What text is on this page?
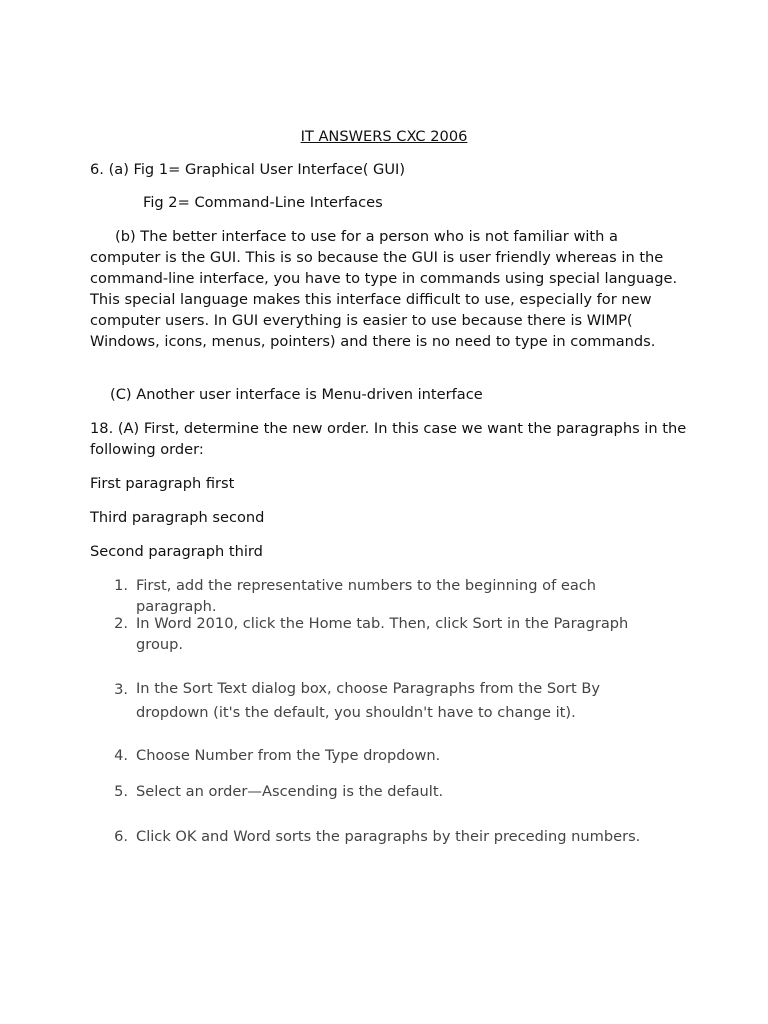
IT ANSWERS CXC 2006

6. (a) Fig 1= Graphical User Interface( GUI)

Fig 2= Command-Line Interfaces

(b) The better interface to use for a person who is not familiar with a computer is the GUI. This is so because the GUI is user friendly whereas in the command-line interface, you have to type in commands using special language. This special language makes this interface difficult to use, especially for new computer users. In GUI everything is easier to use because there is WIMP( Windows, icons, menus, pointers) and there is no need to type in commands.

(C) Another user interface is Menu-driven interface

18. (A) First, determine the new order. In this case we want the paragraphs in the following order:

First paragraph first

Third paragraph second

Second paragraph third

1. First, add the representative numbers to the beginning of each paragraph.
2. In Word 2010, click the Home tab. Then, click Sort in the Paragraph group.
3. In the Sort Text dialog box, choose Paragraphs from the Sort By dropdown (it's the default, you shouldn't have to change it).
4. Choose Number from the Type dropdown.
5. Select an order—Ascending is the default.
6. Click OK and Word sorts the paragraphs by their preceding numbers.
